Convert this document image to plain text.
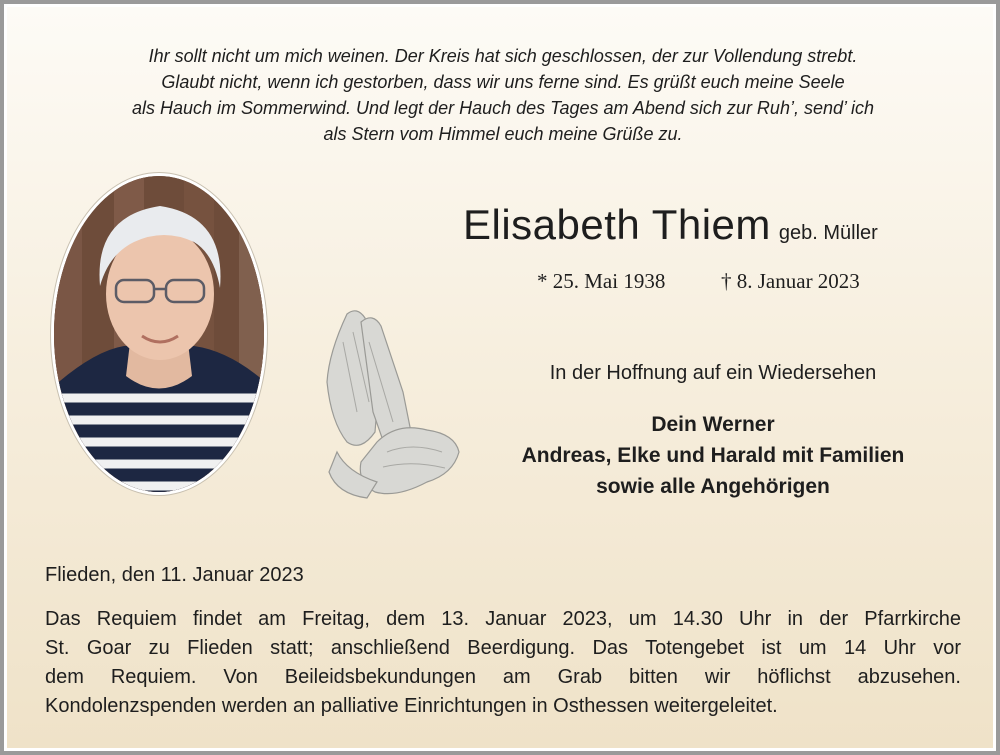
Ihr sollt nicht um mich weinen. Der Kreis hat sich geschlossen, der zur Vollendung strebt.
Glaubt nicht, wenn ich gestorben, dass wir uns ferne sind. Es grüßt euch meine Seele
als Hauch im Sommerwind. Und legt der Hauch des Tages am Abend sich zur Ruh’, send’ ich
als Stern vom Himmel euch meine Grüße zu.
Elisabeth Thiem geb. Müller
* 25. Mai 1938	† 8. Januar 2023
In der Hoffnung auf ein Wiedersehen
Dein Werner
Andreas, Elke und Harald mit Familien
sowie alle Angehörigen
Flieden, den 11. Januar 2023
Das Requiem findet am Freitag, dem 13. Januar 2023, um 14.30 Uhr in der Pfarrkirche
St. Goar zu Flieden statt; anschließend Beerdigung. Das Totengebet ist um 14 Uhr vor
dem Requiem. Von Beileidsbekundungen am Grab bitten wir höflichst abzusehen.
Kondolenzspenden werden an palliative Einrichtungen in Osthessen weitergeleitet.
